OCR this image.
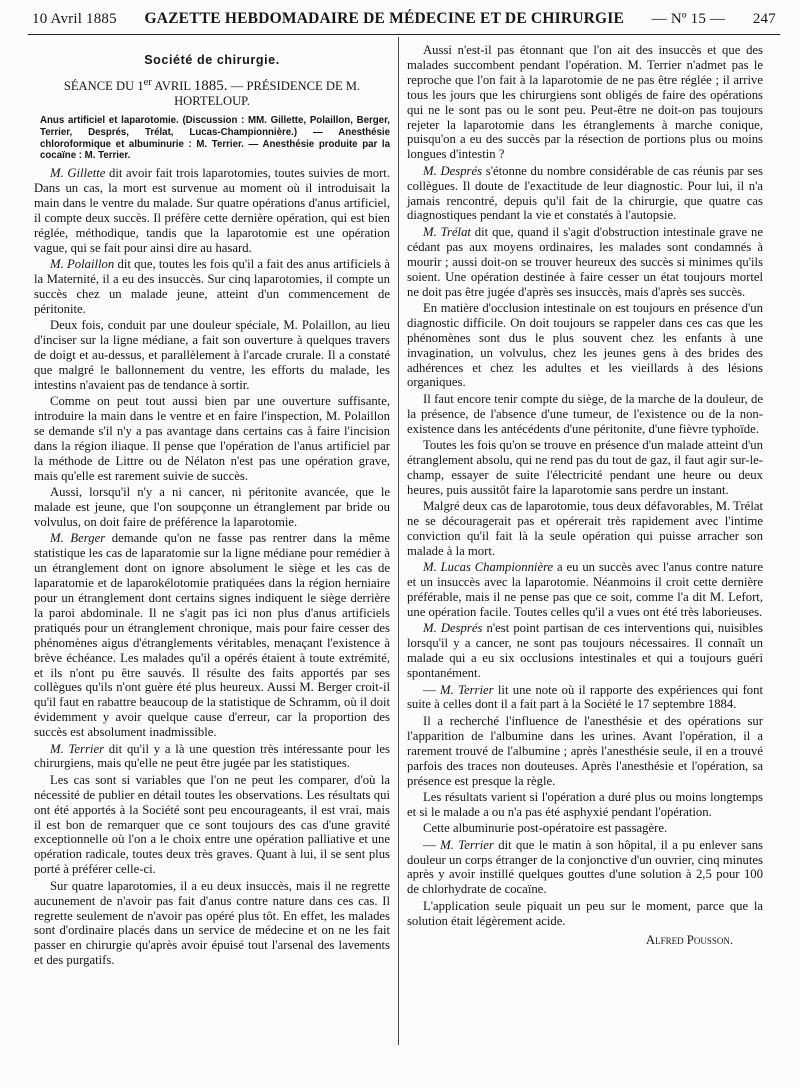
10 Avril 1885 GAZETTE HEBDOMADAIRE DE MÉDECINE ET DE CHIRURGIE — Nº 15 — 247
Société de chirurgie.
SÉANCE DU 1er AVRIL 1885. — PRÉSIDENCE DE M. HORTELOUP.

Anus artificiel et laparotomie. (Discussion : MM. Gillette, Polaillon, Berger, Terrier, Després, Trélat, Lucas-Championnière.) — Anesthésie chloroformique et albuminurie : M. Terrier. — Anesthésie produite par la cocaïne : M. Terrier.

M. Gillette dit avoir fait trois laparotomies, toutes suivies de mort. Dans un cas, la mort est survenue au moment où il introduisait la main dans le ventre du malade. Sur quatre opérations d'anus artificiel, il compte deux succès. Il préfère cette dernière opération, qui est bien réglée, méthodique, tandis que la laparotomie est une opération vague, qui se fait pour ainsi dire au hasard.

M. Polaillon dit que, toutes les fois qu'il a fait des anus artificiels à la Maternité, il a eu des insuccès. Sur cinq laparotomies, il compte un succès chez un malade jeune, atteint d'un commencement de péritonite.

Deux fois, conduit par une douleur spéciale, M. Polaillon, au lieu d'inciser sur la ligne médiane, a fait son ouverture à quelques travers de doigt et au-dessus, et parallèlement à l'arcade crurale. Il a constaté que malgré le ballonnement du ventre, les efforts du malade, les intestins n'avaient pas de tendance à sortir.

Comme on peut tout aussi bien par une ouverture suffisante, introduire la main dans le ventre et en faire l'inspection, M. Polaillon se demande s'il n'y a pas avantage dans certains cas à faire l'incision dans la région iliaque. Il pense que l'opération de l'anus artificiel par la méthode de Littre ou de Nélaton n'est pas une opération grave, mais qu'elle est rarement suivie de succès.

Aussi, lorsqu'il n'y a ni cancer, ni péritonite avancée, que le malade est jeune, que l'on soupçonne un étranglement par bride ou volvulus, on doit faire de préférence la laparotomie.

M. Berger demande qu'on ne fasse pas rentrer dans la même statistique les cas de laparatomie sur la ligne médiane pour remédier à un étranglement dont on ignore absolument le siège et les cas de laparatomie et de laparokélotomie pratiquées dans la région herniaire pour un étranglement dont certains signes indiquent le siège derrière la paroi abdominale. Il ne s'agit pas ici non plus d'anus artificiels pratiqués pour un étranglement chronique, mais pour faire cesser des phénomènes aigus d'étranglements véritables, menaçant l'existence à brève échéance. Les malades qu'il a opérés étaient à toute extrémité, et ils n'ont pu être sauvés. Il résulte des faits apportés par ses collègues qu'ils n'ont guère été plus heureux. Aussi M. Berger croit-il qu'il faut en rabattre beaucoup de la statistique de Schramm, où il doit évidemment y avoir quelque cause d'erreur, car la proportion des succès est absolument inadmissible.

M. Terrier dit qu'il y a là une question très intéressante pour les chirurgiens, mais qu'elle ne peut être jugée par les statistiques.

Les cas sont si variables que l'on ne peut les comparer, d'où la nécessité de publier en détail toutes les observations. Les résultats qui ont été apportés à la Société sont peu encourageants, il est vrai, mais il est bon de remarquer que ce sont toujours des cas d'une gravité exceptionnelle où l'on a le choix entre une opération palliative et une opération radicale, toutes deux très graves. Quant à lui, il se sent plus porté à préférer celle-ci.

Sur quatre laparotomies, il a eu deux insuccès, mais il ne regrette aucunement de n'avoir pas fait d'anus contre nature dans ces cas. Il regrette seulement de n'avoir pas opéré plus tôt. En effet, les malades sont d'ordinaire placés dans un service de médecine et on ne les fait passer en chirurgie qu'après avoir épuisé tout l'arsenal des lavements et des purgatifs.

Aussi n'est-il pas étonnant que l'on ait des insuccès et que des malades succombent pendant l'opération. M. Terrier n'admet pas le reproche que l'on fait à la laparotomie de ne pas être réglée ; il arrive tous les jours que les chirurgiens sont obligés de faire des opérations qui ne le sont pas ou le sont peu. Peut-être ne doit-on pas toujours rejeter la laparotomie dans les étranglements à marche conique, puisqu'on a eu des succès par la résection de portions plus ou moins longues d'intestin ?

M. Després s'étonne du nombre considérable de cas réunis par ses collègues. Il doute de l'exactitude de leur diagnostic. Pour lui, il n'a jamais rencontré, depuis qu'il fait de la chirurgie, que quatre cas diagnostiques pendant la vie et constatés à l'autopsie.

M. Trélat dit que, quand il s'agit d'obstruction intestinale grave ne cédant pas aux moyens ordinaires, les malades sont condamnés à mourir ; aussi doit-on se trouver heureux des succès si minimes qu'ils soient. Une opération destinée à faire cesser un état toujours mortel ne doit pas être jugée d'après ses insuccès, mais d'après ses succès.

En matière d'occlusion intestinale on est toujours en présence d'un diagnostic difficile. On doit toujours se rappeler dans ces cas que les phénomènes sont dus le plus souvent chez les enfants à une invagination, un volvulus, chez les jeunes gens à des brides des adhérences et chez les adultes et les vieillards à des lésions organiques.

Il faut encore tenir compte du siège, de la marche de la douleur, de la présence, de l'absence d'une tumeur, de l'existence ou de la non-existence dans les antécédents d'une péritonite, d'une fièvre typhoïde.

Toutes les fois qu'on se trouve en présence d'un malade atteint d'un étranglement absolu, qui ne rend pas du tout de gaz, il faut agir sur-le-champ, essayer de suite l'électricité pendant une heure ou deux heures, puis aussitôt faire la laparotomie sans perdre un instant.

Malgré deux cas de laparotomie, tous deux défavorables, M. Trélat ne se découragerait pas et opérerait très rapidement avec l'intime conviction qu'il fait là la seule opération qui puisse arracher son malade à la mort.

M. Lucas Championnière a eu un succès avec l'anus contre nature et un insuccès avec la laparotomie. Néanmoins il croit cette dernière préférable, mais il ne pense pas que ce soit, comme l'a dit M. Lefort, une opération facile. Toutes celles qu'il a vues ont été très laborieuses.

M. Després n'est point partisan de ces interventions qui, nuisibles lorsqu'il y a cancer, ne sont pas toujours nécessaires. Il connaît un malade qui a eu six occlusions intestinales et qui a toujours guéri spontanément.

— M. Terrier lit une note où il rapporte des expériences qui font suite à celles dont il a fait part à la Société le 17 septembre 1884.

Il a recherché l'influence de l'anesthésie et des opérations sur l'apparition de l'albumine dans les urines. Avant l'opération, il a rarement trouvé de l'albumine ; après l'anesthésie seule, il en a trouvé parfois des traces non douteuses. Après l'anesthésie et l'opération, sa présence est presque la règle.

Les résultats varient si l'opération a duré plus ou moins longtemps et si le malade a ou n'a pas été asphyxié pendant l'opération.

Cette albuminurie post-opératoire est passagère.

— M. Terrier dit que le matin à son hôpital, il a pu enlever sans douleur un corps étranger de la conjonctive d'un ouvrier, cinq minutes après y avoir instillé quelques gouttes d'une solution à 2,5 pour 100 de chlorhydrate de cocaïne.

L'application seule piquait un peu sur le moment, parce que la solution était légèrement acide.

Alfred Pousson.
